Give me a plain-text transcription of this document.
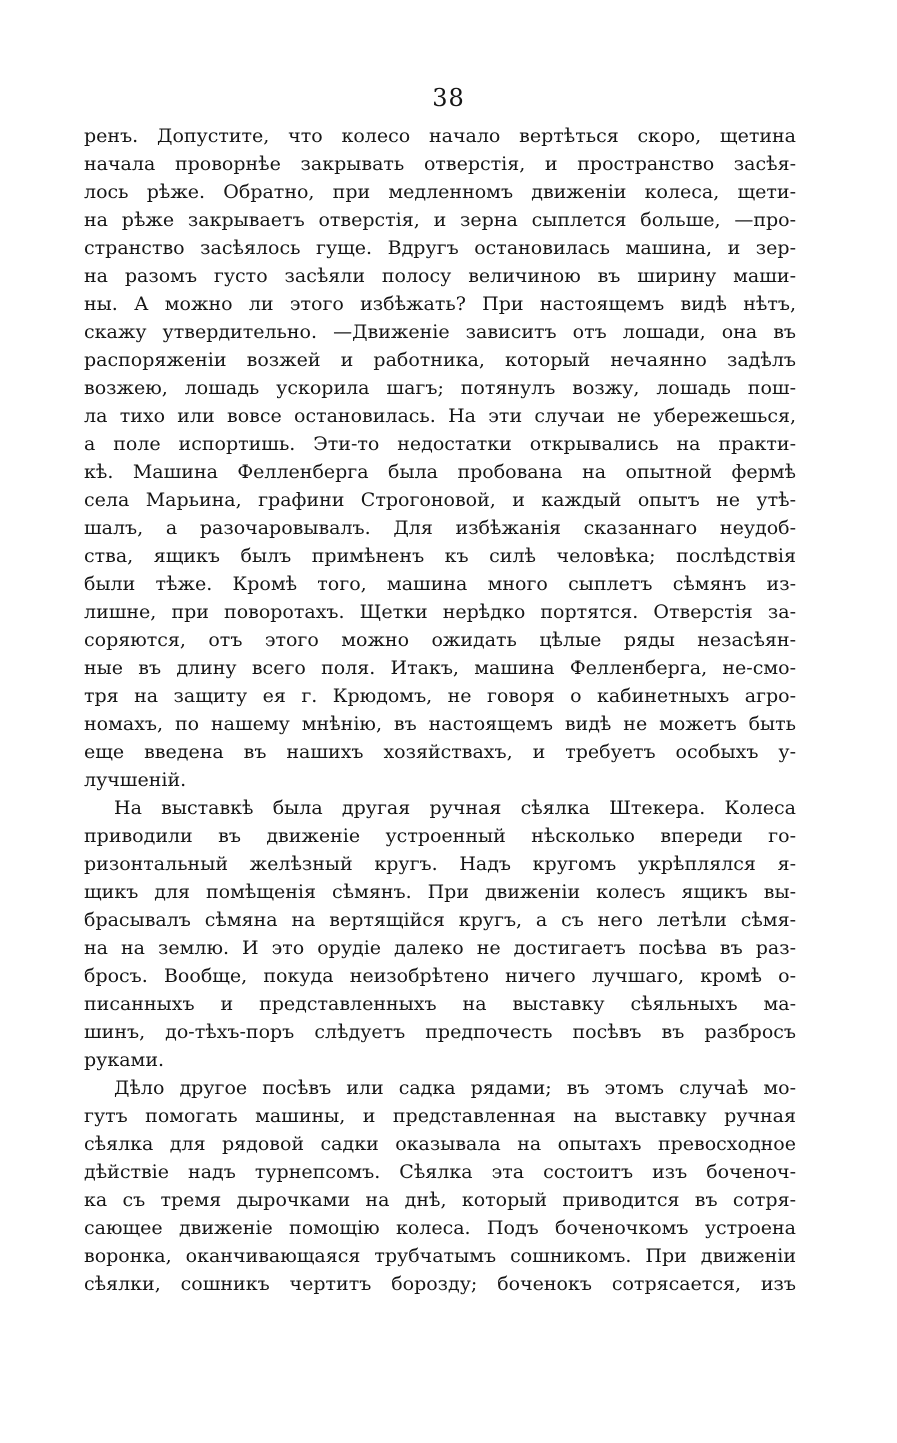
38
ренъ. Допустите, что колесо начало вертѣться скоро, щетина
начала проворнѣе закрывать отверстія, и пространство засѣя-
лось рѣже. Обратно, при медленномъ движеніи колеса, щети-
на рѣже закрываетъ отверстія, и зерна сыплется больше, —про-
странство засѣялось гуще. Вдругъ остановилась машина, и зер-
на разомъ густо засѣяли полосу величиною въ ширину маши-
ны. А можно ли этого избѣжать? При настоящемъ видѣ нѣтъ,
скажу утвердительно. —Движеніе зависитъ отъ лошади, она въ
распоряженіи возжей и работника, который нечаянно задѣлъ
возжею, лошадь ускорила шагъ; потянулъ возжу, лошадь пош-
ла тихо или вовсе остановилась. На эти случаи не убережешься,
а поле испортишь. Эти-то недостатки открывались на практи-
кѣ. Машина Фелленберга была пробована на опытной фермѣ
села Марьина, графини Строгоновой, и каждый опытъ не утѣ-
шалъ, а разочаровывалъ. Для избѣжанія сказаннаго неудоб-
ства, ящикъ былъ примѣненъ къ силѣ человѣка; послѣдствія
были тѣже. Кромѣ того, машина много сыплетъ сѣмянъ из-
лишне, при поворотахъ. Щетки нерѣдко портятся. Отверстія за-
соряются, отъ этого можно ожидать цѣлые ряды незасѣян-
ные въ длину всего поля. Итакъ, машина Фелленберга, не-смо-
тря на защиту ея г. Крюдомъ, не говоря о кабинетныхъ агро-
номахъ, по нашему мнѣнію, въ настоящемъ видѣ не можетъ быть
еще введена въ нашихъ хозяйствахъ, и требуетъ особыхъ у-
лучшеній.
На выставкѣ была другая ручная сѣялка Штекера. Колеса
приводили въ движеніе устроенный нѣсколько впереди го-
ризонтальный желѣзный кругъ. Надъ кругомъ укрѣплялся я-
щикъ для помѣщенія сѣмянъ. При движеніи колесъ ящикъ вы-
брасывалъ сѣмяна на вертящійся кругъ, а съ него летѣли сѣмя-
на на землю. И это орудіе далеко не достигаетъ посѣва въ раз-
бросъ. Вообще, покуда неизобрѣтено ничего лучшаго, кромѣ о-
писанныхъ и представленныхъ на выставку сѣяльныхъ ма-
шинъ, до-тѣхъ-поръ слѣдуетъ предпочесть посѣвъ въ разбросъ
руками.
Дѣло другое посѣвъ или садка рядами; въ этомъ случаѣ мо-
гутъ помогать машины, и представленная на выставку ручная
сѣялка для рядовой садки оказывала на опытахъ превосходное
дѣйствіе надъ турнепсомъ. Сѣялка эта состоитъ изъ боченоч-
ка съ тремя дырочками на днѣ, который приводится въ сотря-
сающее движеніе помощію колеса. Подъ боченочкомъ устроена
воронка, оканчивающаяся трубчатымъ сошникомъ. При движеніи
сѣялки, сошникъ чертитъ борозду; боченокъ сотрясается, изъ
